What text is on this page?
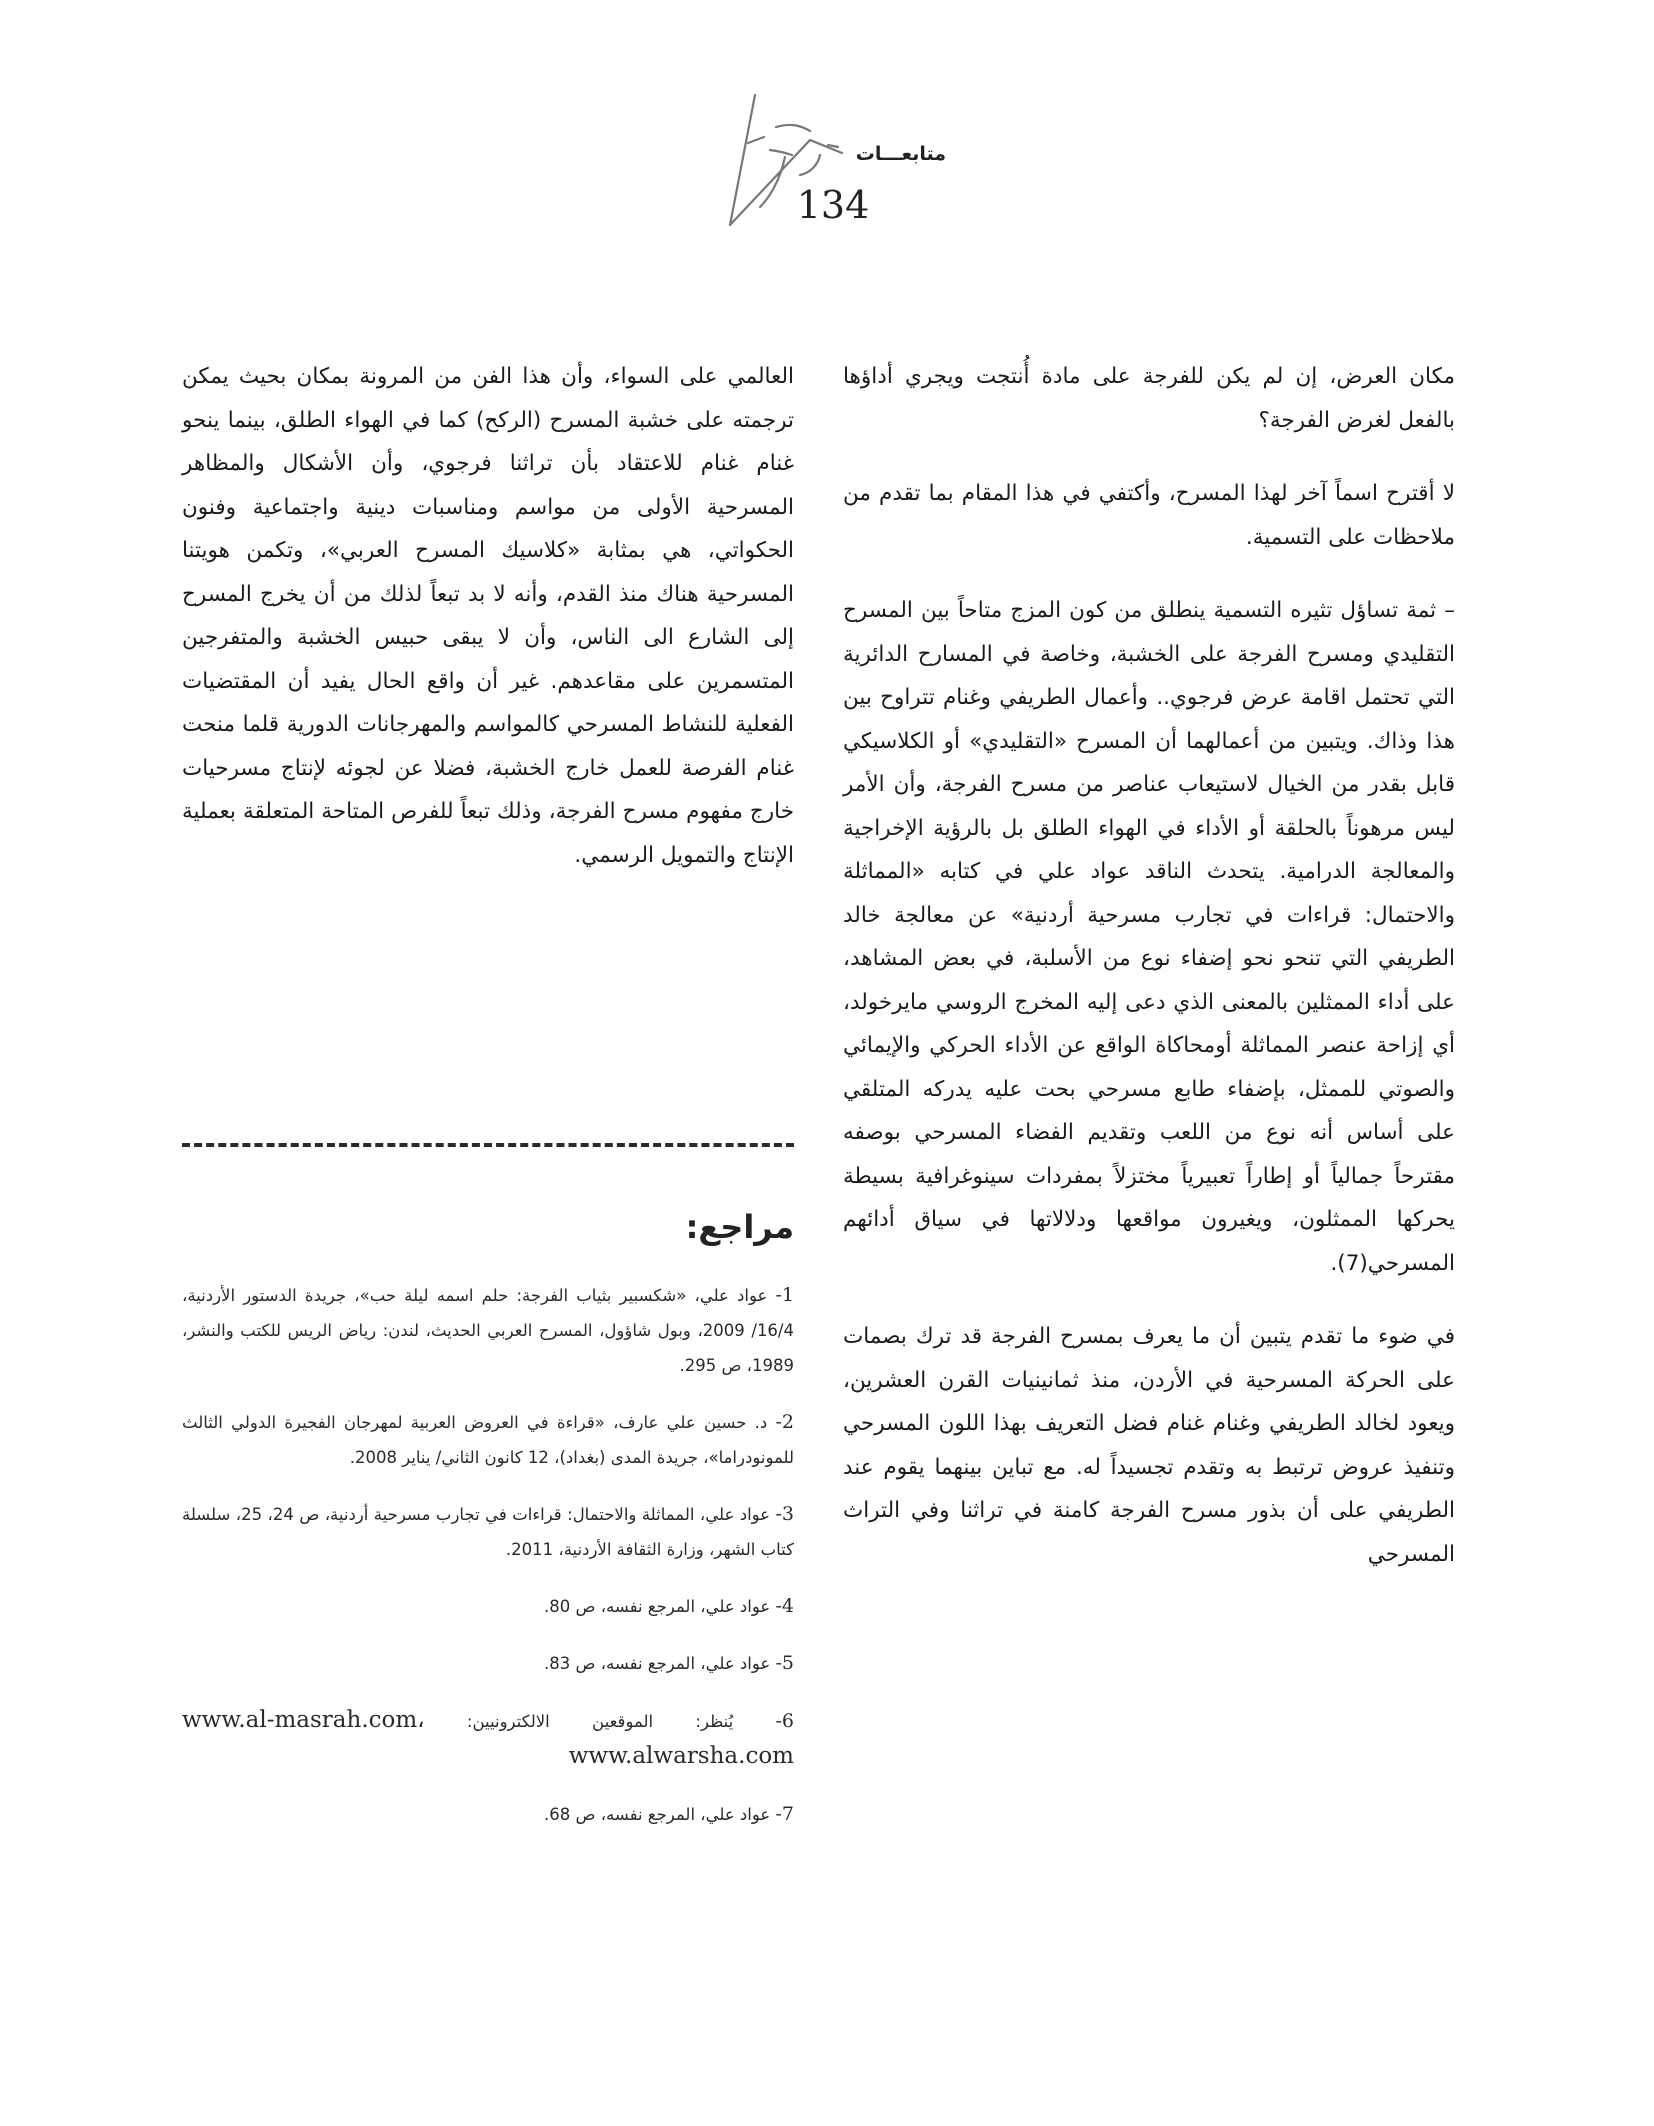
متابعـــات
134

مكان العرض، إن لم يكن للفرجة على مادة أُنتجت ويجري أداؤها بالفعل لغرض الفرجة؟

لا أقترح اسماً آخر لهذا المسرح، وأكتفي في هذا المقام بما تقدم من ملاحظات على التسمية.

– ثمة تساؤل تثيره التسمية ينطلق من كون المزج متاحاً بين المسرح التقليدي ومسرح الفرجة على الخشبة، وخاصة في المسارح الدائرية التي تحتمل اقامة عرض فرجوي.. وأعمال الطريفي وغنام تتراوح بين هذا وذاك. ويتبين من أعمالهما أن المسرح «التقليدي» أو الكلاسيكي قابل بقدر من الخيال لاستيعاب عناصر من مسرح الفرجة، وأن الأمر ليس مرهوناً بالحلقة أو الأداء في الهواء الطلق بل بالرؤية الإخراجية والمعالجة الدرامية. يتحدث الناقد عواد علي في كتابه «المماثلة والاحتمال: قراءات في تجارب مسرحية أردنية» عن معالجة خالد الطريفي التي تنحو نحو إضفاء نوع من الأسلبة، في بعض المشاهد، على أداء الممثلين بالمعنى الذي دعى إليه المخرج الروسي مايرخولد، أي إزاحة عنصر المماثلة أومحاكاة الواقع عن الأداء الحركي والإيمائي والصوتي للممثل، بإضفاء طابع مسرحي بحت عليه يدركه المتلقي على أساس أنه نوع من اللعب وتقديم الفضاء المسرحي بوصفه مقترحاً جمالياً أو إطاراً تعبيرياً مختزلاً بمفردات سينوغرافية بسيطة يحركها الممثلون، ويغيرون مواقعها ودلالاتها في سياق أدائهم المسرحي(7).

في ضوء ما تقدم يتبين أن ما يعرف بمسرح الفرجة قد ترك بصمات على الحركة المسرحية في الأردن، منذ ثمانينيات القرن العشرين، ويعود لخالد الطريفي وغنام غنام فضل التعريف بهذا اللون المسرحي وتنفيذ عروض ترتبط به وتقدم تجسيداً له. مع تباين بينهما يقوم عند الطريفي على أن بذور مسرح الفرجة كامنة في تراثنا وفي التراث المسرحي

العالمي على السواء، وأن هذا الفن من المرونة بمكان بحيث يمكن ترجمته على خشبة المسرح (الركح) كما في الهواء الطلق، بينما ينحو غنام غنام للاعتقاد بأن تراثنا فرجوي، وأن الأشكال والمظاهر المسرحية الأولى من مواسم ومناسبات دينية واجتماعية وفنون الحكواتي، هي بمثابة «كلاسيك المسرح العربي»، وتكمن هويتنا المسرحية هناك منذ القدم، وأنه لا بد تبعاً لذلك من أن يخرج المسرح إلى الشارع الى الناس، وأن لا يبقى حبيس الخشبة والمتفرجين المتسمرين على مقاعدهم. غير أن واقع الحال يفيد أن المقتضيات الفعلية للنشاط المسرحي كالمواسم والمهرجانات الدورية قلما منحت غنام الفرصة للعمل خارج الخشبة، فضلا عن لجوئه لإنتاج مسرحيات خارج مفهوم مسرح الفرجة، وذلك تبعاً للفرص المتاحة المتعلقة بعملية الإنتاج والتمويل الرسمي.

مراجع:
1- عواد علي، «شكسبير بثياب الفرجة: حلم اسمه ليلة حب»، جريدة الدستور الأردنية، 16/4/ 2009، وبول شاؤول، المسرح العربي الحديث، لندن: رياض الريس للكتب والنشر، 1989، ص 295.
2- د. حسين علي عارف، «قراءة في العروض العربية لمهرجان الفجيرة الدولي الثالث للمونودراما»، جريدة المدى (بغداد)، 12 كانون الثاني/ يناير 2008.
3- عواد علي، المماثلة والاحتمال: قراءات في تجارب مسرحية أردنية، ص 24، 25، سلسلة كتاب الشهر، وزارة الثقافة الأردنية، 2011.
4- عواد علي، المرجع نفسه، ص 80.
5- عواد علي، المرجع نفسه، ص 83.
6- يُنظر: الموقعين الالكترونيين: www.al-masrah.com، www.alwarsha.com
7- عواد علي، المرجع نفسه، ص 68.
